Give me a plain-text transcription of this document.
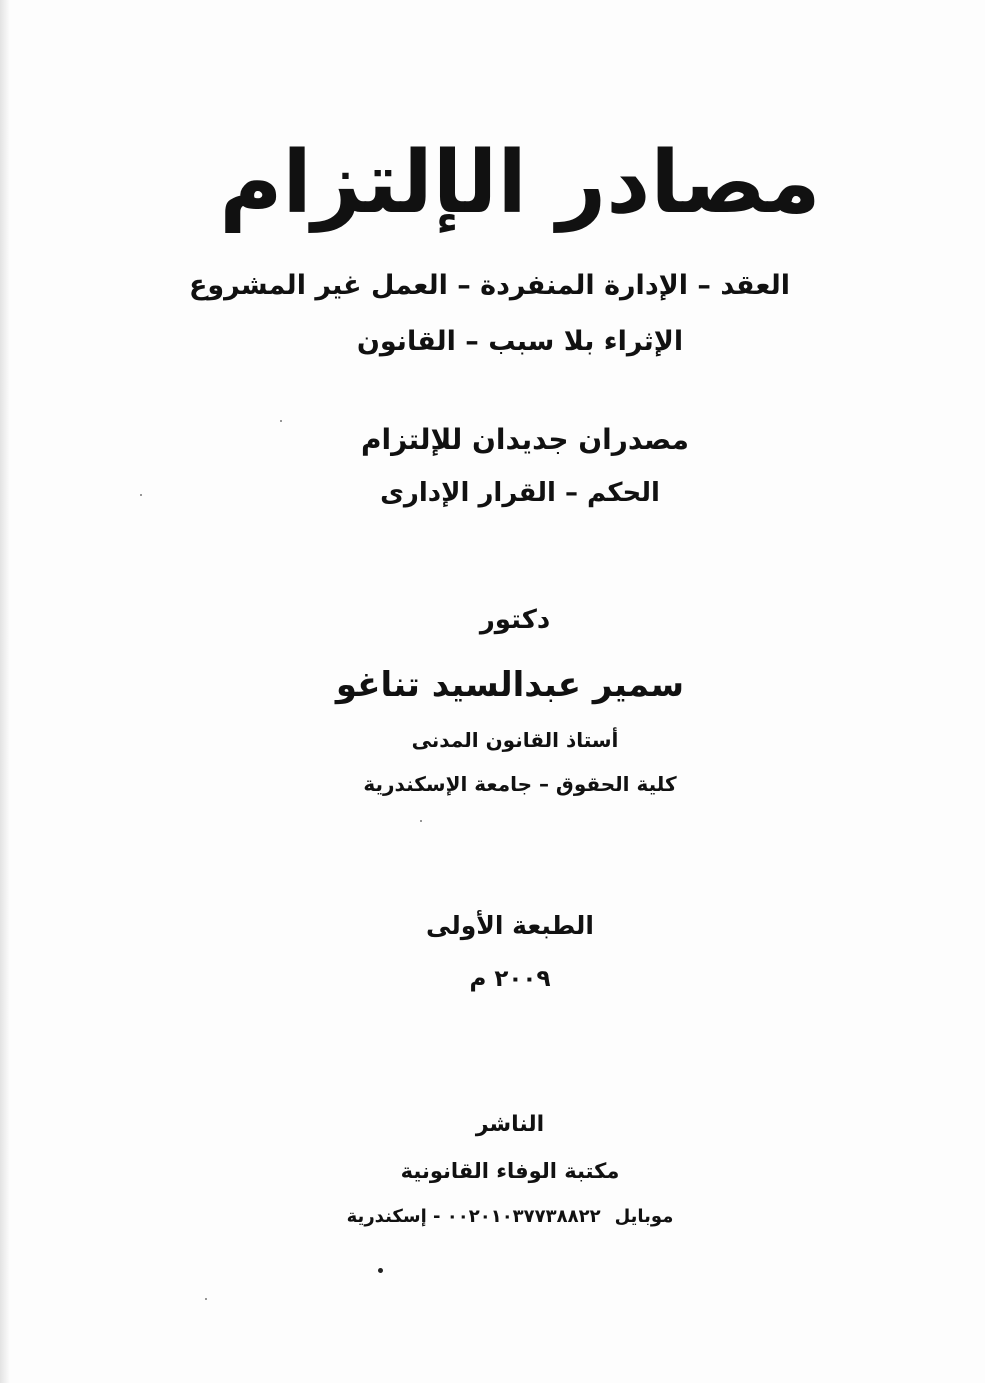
مصادر الإلتزام
العقد – الإدارة المنفردة – العمل غير المشروع
الإثراء بلا سبب – القانون
مصدران جديدان للإلتزام
الحكم – القرار الإدارى
دكتور
سمير عبدالسيد تناغو
أستاذ القانون المدنى
كلية الحقوق – جامعة الإسكندرية
الطبعة الأولى
٢٠٠٩ م
الناشر
مكتبة الوفاء القانونية
موبايل٠٠٢٠١٠٣٧٧٣٨٨٢٢ - إسكندرية
